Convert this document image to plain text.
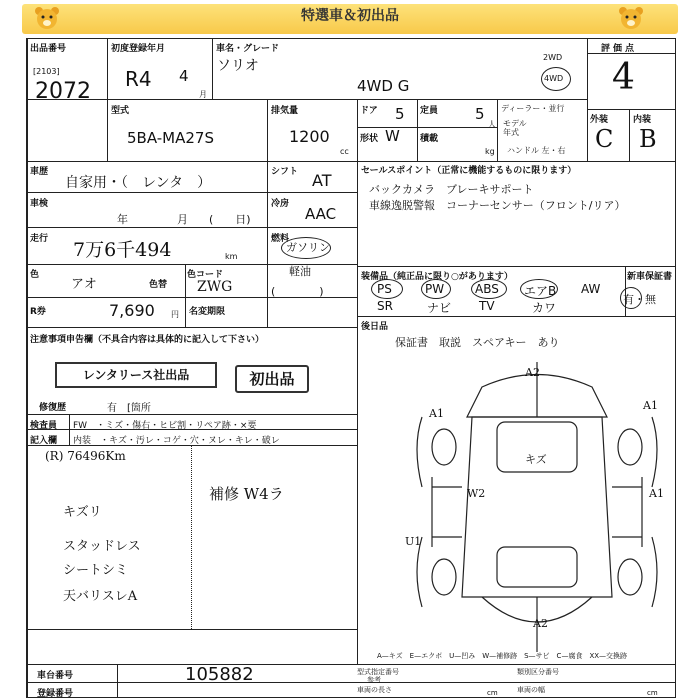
特選車＆初出品
出品番号
[2103]
2072
初度登録年月
R4 4
月
車名・グレード
ソリオ
4WD G
2WD
4WD
評価点
4
外装	内装
C B
型式
5BA-MA27S
排気量
1200
cc
ドア 5 定員 5
人
形状 W 積載
kg
ディーラー・並行
モデル
年式
ハンドル 左・右
車歴
自家用・（　レンタ　）
シフト AT
車検
年	月 (　　日)
冷房
AAC
走行 7万6千494	km
燃料
ガソリン
軽油
色
アオ	色替
色コード
ZWG	(　　　　)
R券	7,690 円 名変期限
注意事項申告欄（不具合内容は具体的に記入して下さい）
レンタリース社出品	初出品
修復歴	有　[箇所
検査員
記入欄
FW　・ミズ・傷右・ヒビ割・リペア跡・×要
内装　・キズ・汚レ・コゲ・穴・ヌレ・キレ・破レ
(R) 76496Km
キズリ
スタッドレス
シートシミ
天バリスレA
補修 W4ラ
セールスポイント（正常に機能するものに限ります）
バックカメラ　ブレーキサポート
車線逸脱警報　コーナーセンサー（フロント/リア）
装備品（純正品に限り○があります）
PS	PW	ABS エアB AW
SR	ナビ TV	カワ
新車保証書
有・無
後日品
保証書　取説　スペアキー　あり
A2
A1
A1
キズ
W2	A1
U1
A2
A—キズ　E—エクボ　U—凹み　W—補修跡　S—サビ　C—腐食　XX—交換跡
車台番号	105882
登録番号
型式指定番号	類別区分番号
車両の長さ	車両の幅
参考
cm	cm
